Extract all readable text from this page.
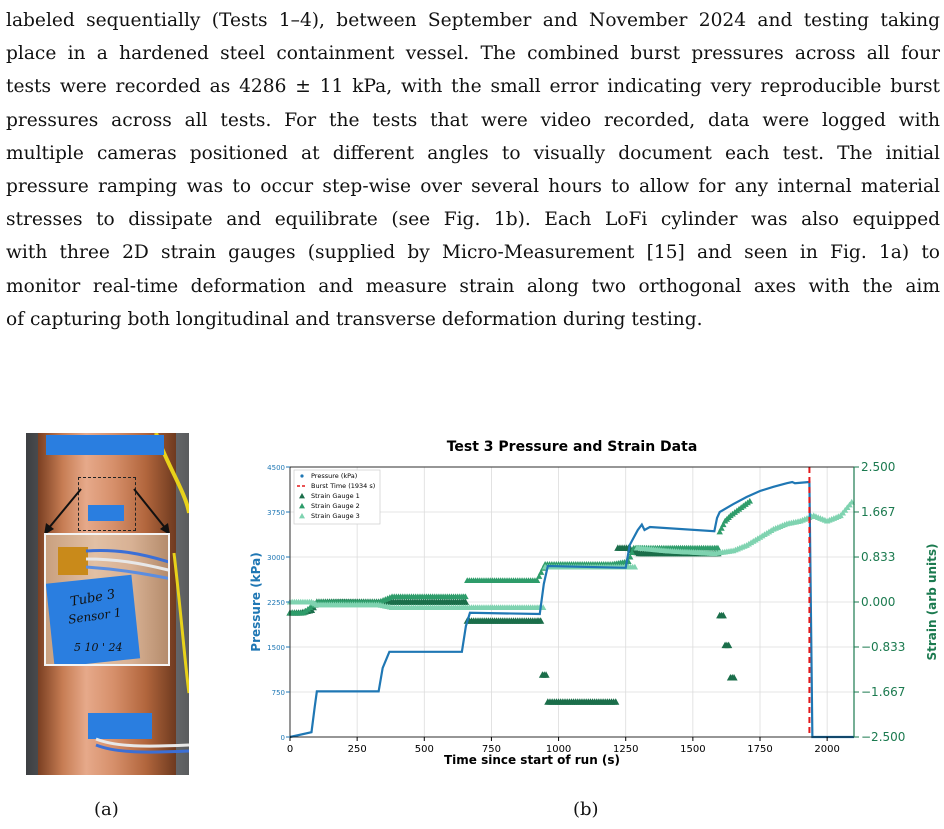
labeled sequentially (Tests 1–4), between September and November 2024 and testing taking
place in a hardened steel containment vessel. The combined burst pressures across all four
tests were recorded as 4286 ± 11 kPa, with the small error indicating very reproducible burst
pressures across all tests. For the tests that were video recorded, data were logged with
multiple cameras positioned at different angles to visually document each test. The initial
pressure ramping was to occur step-wise over several hours to allow for any internal material
stresses to dissipate and equilibrate (see Fig. 1b). Each LoFi cylinder was also equipped
with three 2D strain gauges (supplied by Micro-Measurement [15] and seen in Fig. 1a) to
monitor real-time deformation and measure strain along two orthogonal axes with the aim
of capturing both longitudinal and transverse deformation during testing.

Tube 3
Sensor 1
5 10 ' 24
(a)
Test 3 Pressure and Strain Data
0	250	500	750	1000	1250	1500	1750	2000
Time since start of run (s)
0
750
1500
2250
3000
3750
4500
Pressure (kPa)
−2.500
−1.667
−0.833
0.000
0.833
1.667
2.500
Strain (arb units)
Pressure (kPa)
Burst Time (1934 s)
Strain Gauge 1
Strain Gauge 2
Strain Gauge 3
(b)
